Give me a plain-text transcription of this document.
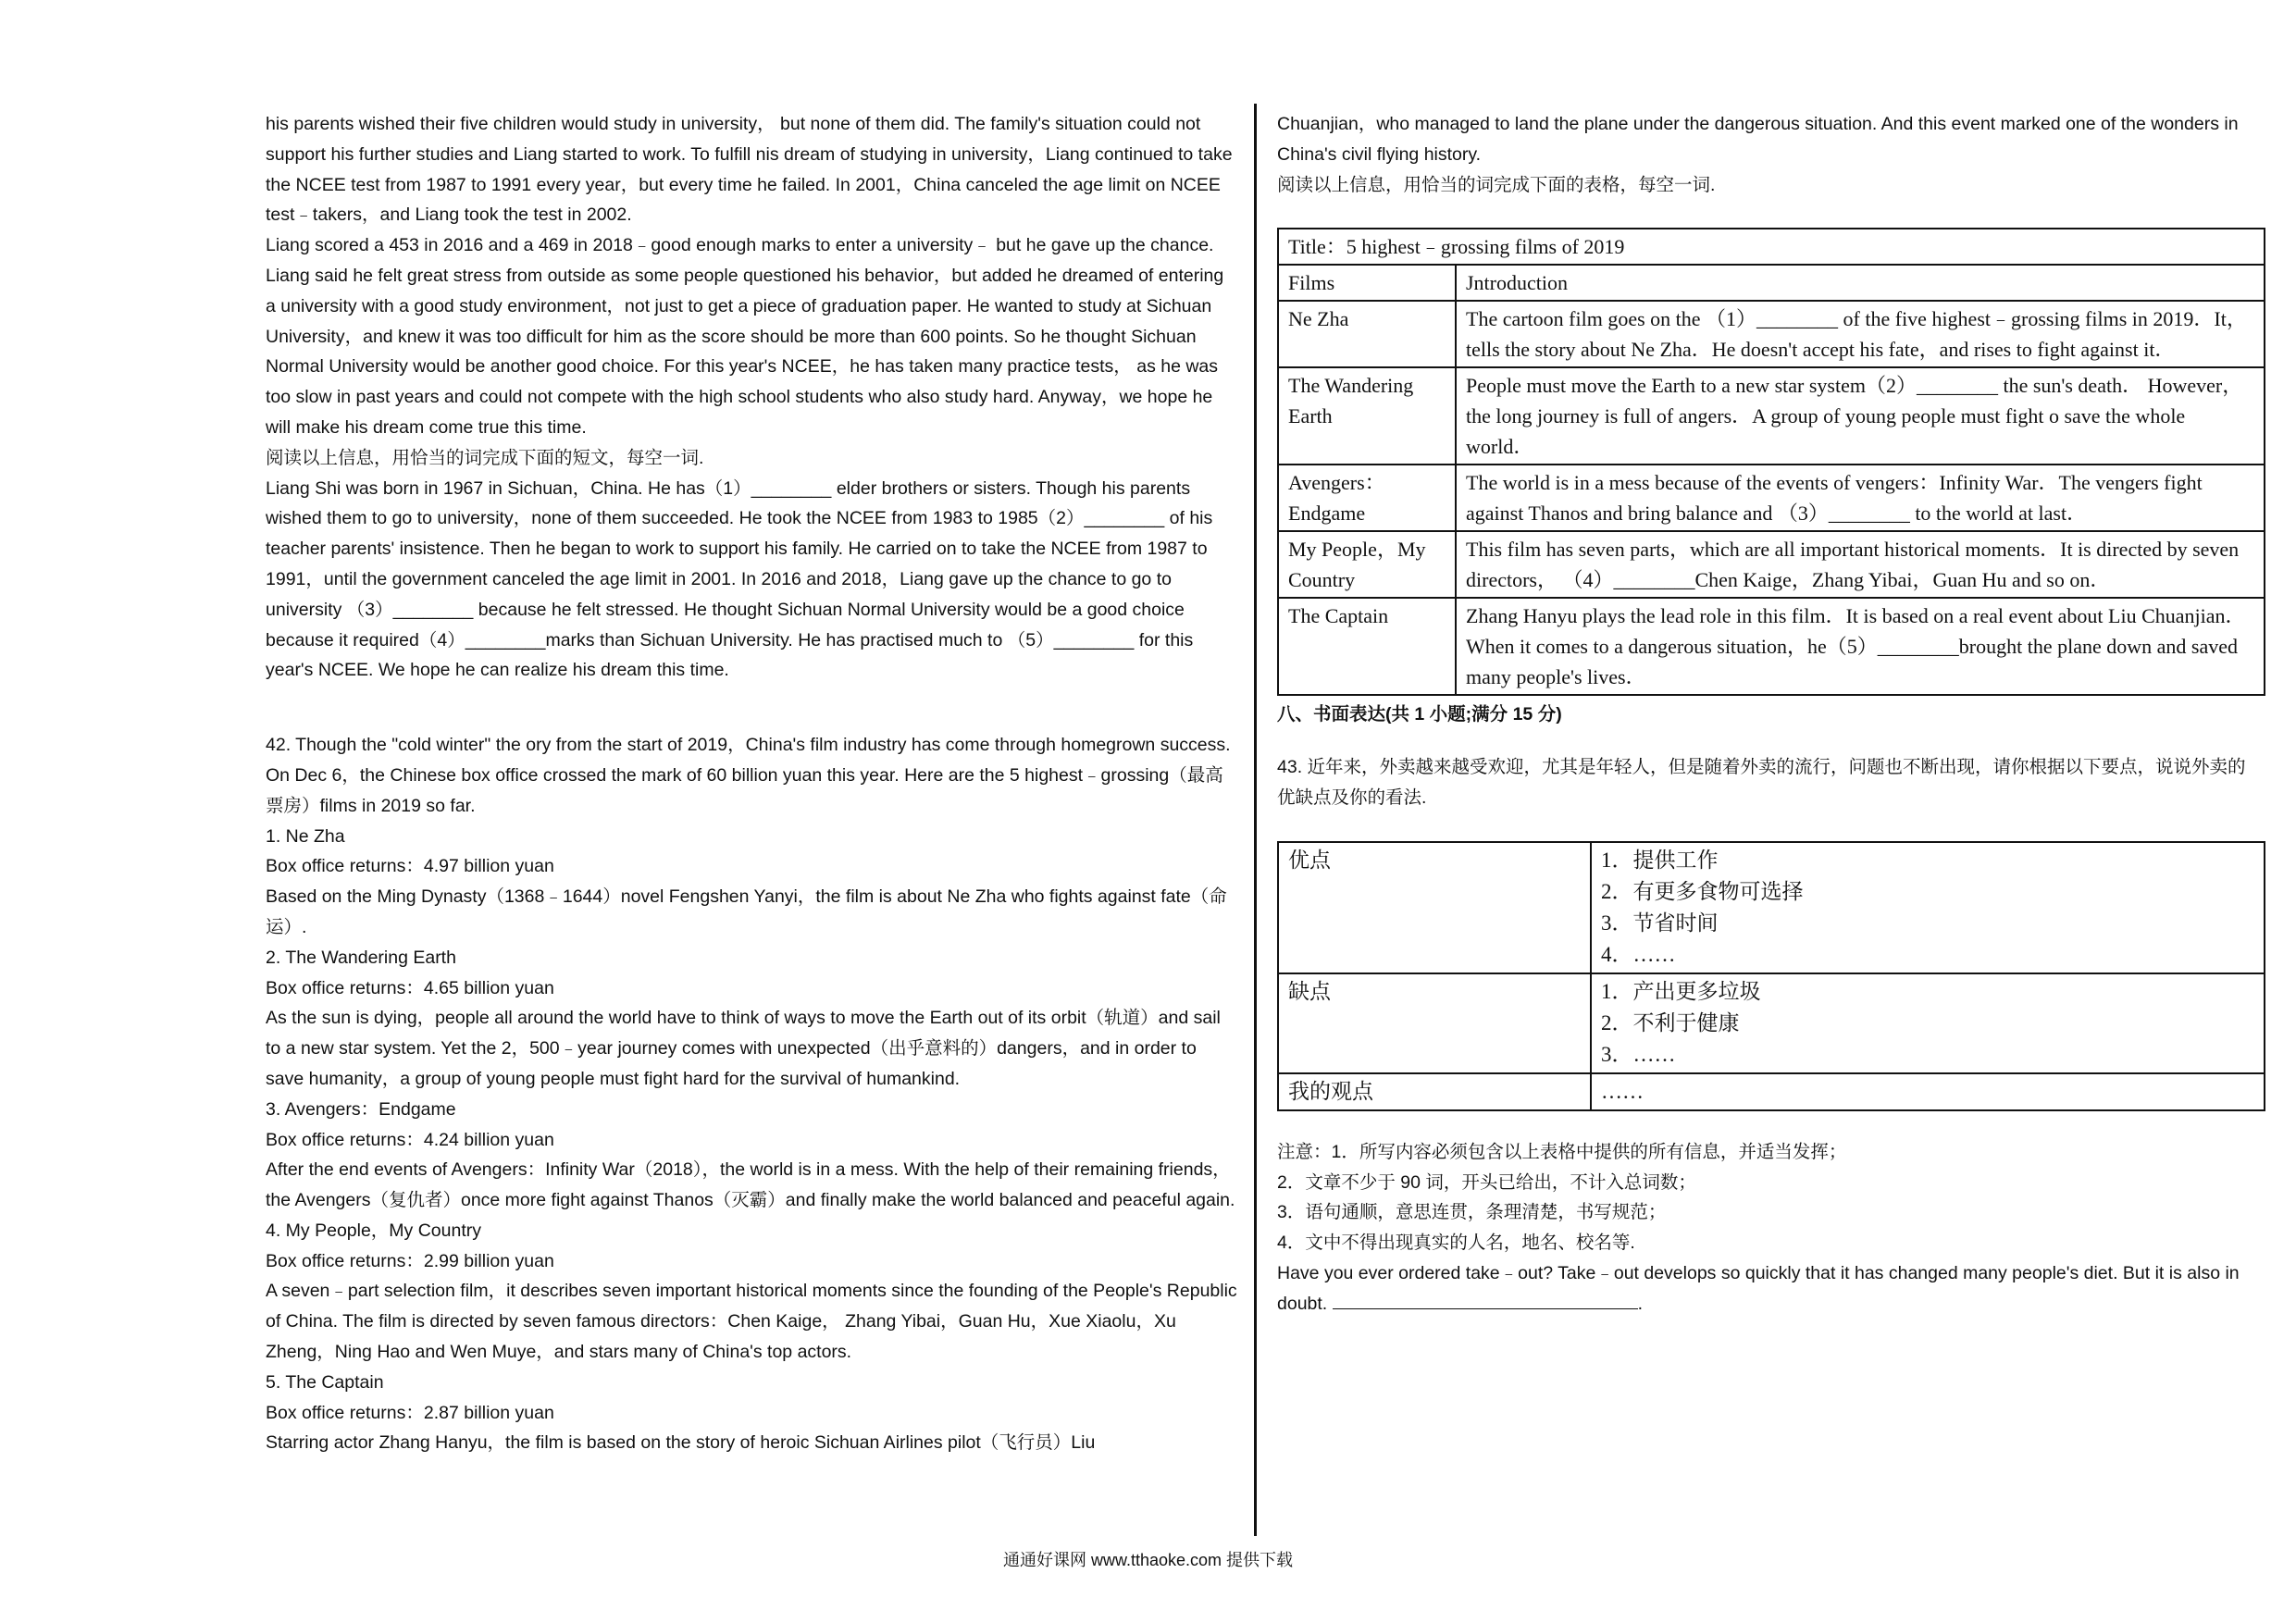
his parents wished their five children would study in university， but none of them did. The family's situation could not support his further studies and Liang started to work. To fulfill nis dream of studying in university，Liang continued to take the NCEE test from 1987 to 1991 every year，but every time he failed. In 2001，China canceled the age limit on NCEE test﹣takers，and Liang took the test in 2002.

Liang scored a 453 in 2016 and a 469 in 2018﹣good enough marks to enter a university﹣ but he gave up the chance. Liang said he felt great stress from outside as some people questioned his behavior，but added he dreamed of entering a university with a good study environment，not just to get a piece of graduation paper. He wanted to study at Sichuan University，and knew it was too difficult for him as the score should be more than 600 points. So he thought Sichuan Normal University would be another good choice. For this year's NCEE，he has taken many practice tests， as he was too slow in past years and could not compete with the high school students who also study hard. Anyway，we hope he will make his dream come true this time.

阅读以上信息，用恰当的词完成下面的短文，每空一词.

Liang Shi was born in 1967 in Sichuan，China. He has（1）________ elder brothers or sisters. Though his parents wished them to go to university，none of them succeeded. He took the NCEE from 1983 to 1985（2）________ of his teacher parents' insistence. Then he began to work to support his family. He carried on to take the NCEE from 1987 to 1991，until the government canceled the age limit in 2001. In 2016 and 2018，Liang gave up the chance to go to university （3）________ because he felt stressed. He thought Sichuan Normal University would be a good choice because it required（4）________marks than Sichuan University. He has practised much to （5）________ for this year's NCEE. We hope he can realize his dream this time.

42. Though the "cold winter" the ory from the start of 2019，China's film industry has come through homegrown success. On Dec 6，the Chinese box office crossed the mark of 60 billion yuan this year. Here are the 5 highest﹣grossing（最高票房）films in 2019 so far.

1. Ne Zha

Box office returns：4.97 billion yuan

Based on the Ming Dynasty（1368﹣1644）novel Fengshen Yanyi，the film is about Ne Zha who fights against fate（命运）.

2. The Wandering Earth

Box office returns：4.65 billion yuan

As the sun is dying，people all around the world have to think of ways to move the Earth out of its orbit（轨道）and sail to a new star system. Yet the 2，500﹣year journey comes with unexpected（出乎意料的）dangers，and in order to save humanity，a group of young people must fight hard for the survival of humankind.

3. Avengers：Endgame

Box office returns：4.24 billion yuan

After the end events of Avengers：Infinity War（2018），the world is in a mess. With the help of their remaining friends，the Avengers（复仇者）once more fight against Thanos（灭霸）and finally make the world balanced and peaceful again.

4. My People，My Country

Box office returns：2.99 billion yuan

A seven﹣part selection film，it describes seven important historical moments since the founding of the People's Republic of China. The film is directed by seven famous directors：Chen Kaige， Zhang Yibai，Guan Hu，Xue Xiaolu，Xu Zheng，Ning Hao and Wen Muye，and stars many of China's top actors.

5. The Captain

Box office returns：2.87 billion yuan

Starring actor Zhang Hanyu，the film is based on the story of heroic Sichuan Airlines pilot（飞行员）Liu

Chuanjian，who managed to land the plane under the dangerous situation. And this event marked one of the wonders in China's civil flying history.

阅读以上信息，用恰当的词完成下面的表格，每空一词.

Title：5 highest﹣grossing films of 2019	
Films	Jntroduction
Ne Zha	The cartoon film goes on the （1）________ of the five highest﹣grossing films in 2019．It，tells the story about Ne Zha．He doesn't accept his fate，and rises to fight against it．
The Wandering Earth	People must move the Earth to a new star system（2）________ the sun's death． However，the long journey is full of angers．A group of young people must fight o save the whole world．
Avengers：Endgame	The world is in a mess because of the events of vengers：Infinity War．The vengers fight against Thanos and bring balance and （3）________ to the world at last．
My People，My Country	This film has seven parts，which are all important historical moments．It is directed by seven directors， （4）________Chen Kaige，Zhang Yibai，Guan Hu and so on．
The Captain	Zhang Hanyu plays the lead role in this film．It is based on a real event about Liu Chuanjian．When it comes to a dangerous situation，he（5）________brought the plane down and saved many people's lives．

八、书面表达(共 1 小题;满分 15 分)

43. 近年来，外卖越来越受欢迎，尤其是年轻人，但是随着外卖的流行，问题也不断出现，请你根据以下要点，说说外卖的优缺点及你的看法.

优点	1．提供工作
2．有更多食物可选择
3．节省时间
4．……

缺点	1．产出更多垃圾
2．不利于健康
3．……

我的观点	……

注意：1．所写内容必须包含以上表格中提供的所有信息，并适当发挥；

2．文章不少于 90 词，开头已给出，不计入总词数；

3．语句通顺，意思连贯，条理清楚，书写规范；

4．文中不得出现真实的人名，地名、校名等.

Have you ever ordered take﹣out? Take﹣out develops so quickly that it has changed many people's diet. But it is also in doubt.	.

通通好课网 www.tthaoke.com 提供下载
